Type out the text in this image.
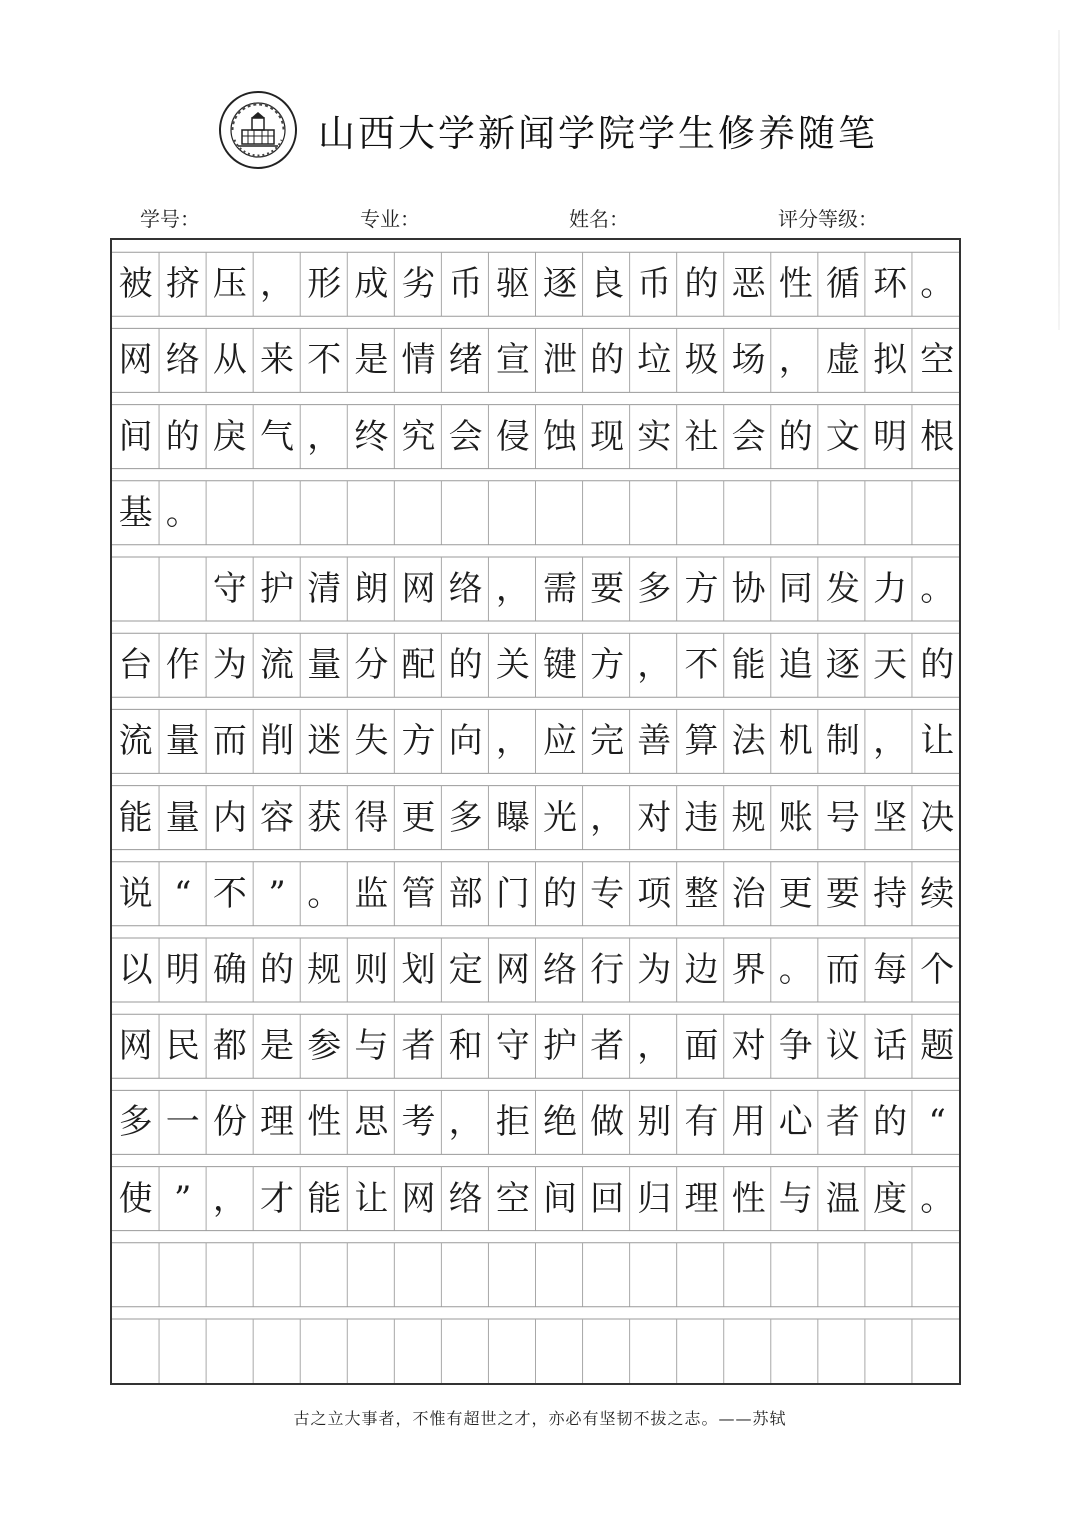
山西大学新闻学院学生修养随笔
学号：	专业：	姓名：	评分等级：
被 挤 压 ， 形 成 劣 币 驱 逐 良 币 的 恶 性 循 环 。
网 络 从 来 不 是 情 绪 宣 泄 的 垃 圾 场 ， 虚 拟 空
间 的 戾 气 ， 终 究 会 侵 蚀 现 实 社 会 的 文 明 根
基 。
守 护 清 朗 网 络 ， 需 要 多 方 协 同 发 力 。
台 作 为 流 量 分 配 的 关 键 方 ， 不 能 追 逐 天 的
流 量 而 削 迷 失 方 向 ， 应 完 善 算 法 机 制 ， 让
能 量 内 容 获 得 更 多 曝 光 ， 对 违 规 账 号 坚 决
说 “ 不 ” 。 监 管 部 门 的 专 项 整 治 更 要 持 续
以 明 确 的 规 则 划 定 网 络 行 为 边 界 。 而 每 个
网 民 都 是 参 与 者 和 守 护 者 ， 面 对 争 议 话 题
多 一 份 理 性 思 考 ， 拒 绝 做 别 有 用 心 者 的 “
使 ” ， 才 能 让 网 络 空 间 回 归 理 性 与 温 度 。
古之立大事者，不惟有超世之才，亦必有坚韧不拔之志。——苏轼
